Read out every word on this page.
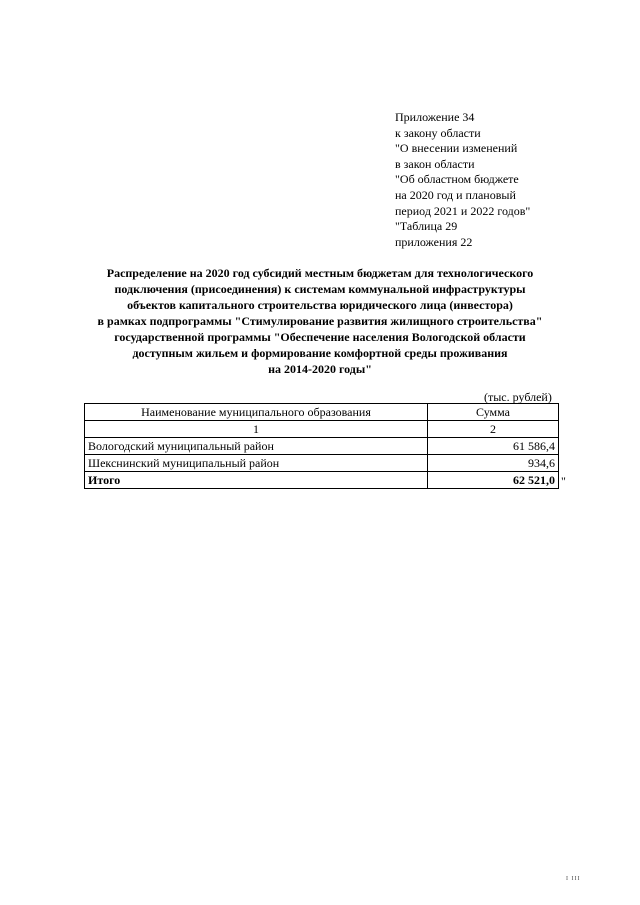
Приложение 34
к закону области
"О внесении изменений
в закон области
"Об областном бюджете
на 2020 год и плановый
период 2021 и 2022 годов"
"Таблица 29
приложения 22
Распределение на 2020 год субсидий местным бюджетам для технологического
подключения (присоединения) к системам коммунальной инфраструктуры
объектов капитального строительства юридического лица (инвестора)
в рамках подпрограммы "Стимулирование развития жилищного строительства"
государственной программы "Обеспечение населения Вологодской области
доступным жильем и формирование комфортной среды проживания
на 2014-2020 годы"
(тыс. рублей)
Наименование муниципального образования	Сумма
1	2
Вологодский муниципальный район	61 586,4
Шекснинский муниципальный район	934,6
Итого	62 521,0 "
I III
